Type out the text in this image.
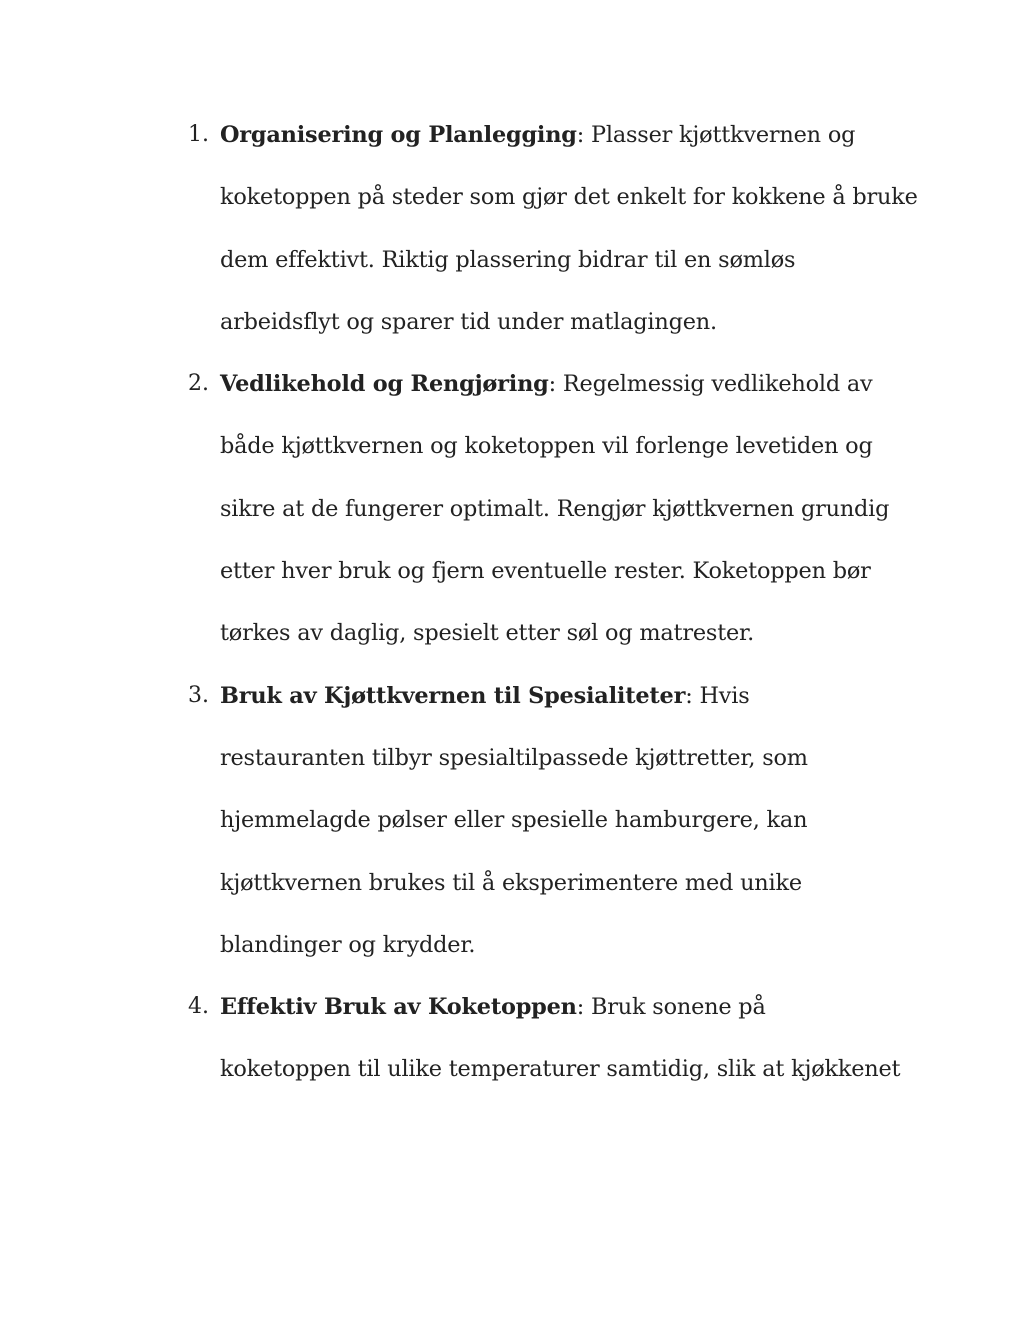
1. Organisering og Planlegging: Plasser kjøttkvernen og
koketoppen på steder som gjør det enkelt for kokkene å bruke
dem effektivt. Riktig plassering bidrar til en sømløs
arbeidsflyt og sparer tid under matlagingen.
2. Vedlikehold og Rengjøring: Regelmessig vedlikehold av
både kjøttkvernen og koketoppen vil forlenge levetiden og
sikre at de fungerer optimalt. Rengjør kjøttkvernen grundig
etter hver bruk og fjern eventuelle rester. Koketoppen bør
tørkes av daglig, spesielt etter søl og matrester.
3. Bruk av Kjøttkvernen til Spesialiteter: Hvis
restauranten tilbyr spesialtilpassede kjøttretter, som
hjemmelagde pølser eller spesielle hamburgere, kan
kjøttkvernen brukes til å eksperimentere med unike
blandinger og krydder.
4. Effektiv Bruk av Koketoppen: Bruk sonene på
koketoppen til ulike temperaturer samtidig, slik at kjøkkenet
